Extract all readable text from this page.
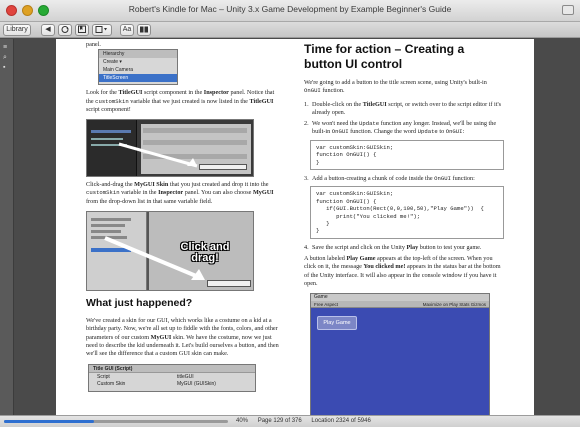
Robert's Kindle for Mac – Unity 3.x Game Development by Example Beginner's Guide
Library	◀	Aa
≡
⌕
▪
panel.
Hierarchy
Create ▾
Main Camera
TitleScreen
Look for the TitleGUI script component in the Inspector panel. Notice that the customSkin variable that we just created is now listed in the TitleGUI script component!
Click-and-drag the MyGUI Skin that you just created and drop it into the customSkin variable in the Inspector panel. You can also choose MyGUI from the drop-down list in that same variable field.
Click and drag!
What just happened?
We've created a skin for our GUI, which works like a costume on a kid at a birthday party. Now, we're all set up to fiddle with the fonts, colors, and other parameters of our custom MyGUI skin. We have the costume, now we just need to describe the kid underneath it. Let's build ourselves a button, and then we'll see the difference that a custom GUI skin can make.
Title GUI (Script)
Script	titleGUI
Custom Skin	MyGUI (GUISkin)
Time for action – Creating a button UI control
We're going to add a button to the title screen scene, using Unity's built-in OnGUI function.
1. Double-click on the TitleGUI script, or switch over to the script editor if it's already open.
2. We won't need the Update function any longer. Instead, we'll be using the built-in OnGUI function. Change the word Update to OnGUI:
var customSkin:GUISkin;
function OnGUI() {
}
3. Add a button-creating a chunk of code inside the OnGUI function:
var customSkin:GUISkin;
function OnGUI() {
if(GUI.Button(Rect(0,0,100,50),"Play Game"))  {
print("You clicked me!");
}
}
4. Save the script and click on the Unity Play button to test your game.
A button labeled Play Game appears at the top-left of the screen. When you click on it, the message You clicked me! appears in the status bar at the bottom of the Unity interface. It will also appear in the console window if you have it open.
Game
Free Aspect	Maximize on Play Stats Gizmos
Play Game
40% Page 129 of 376 Location 2324 of 5946
